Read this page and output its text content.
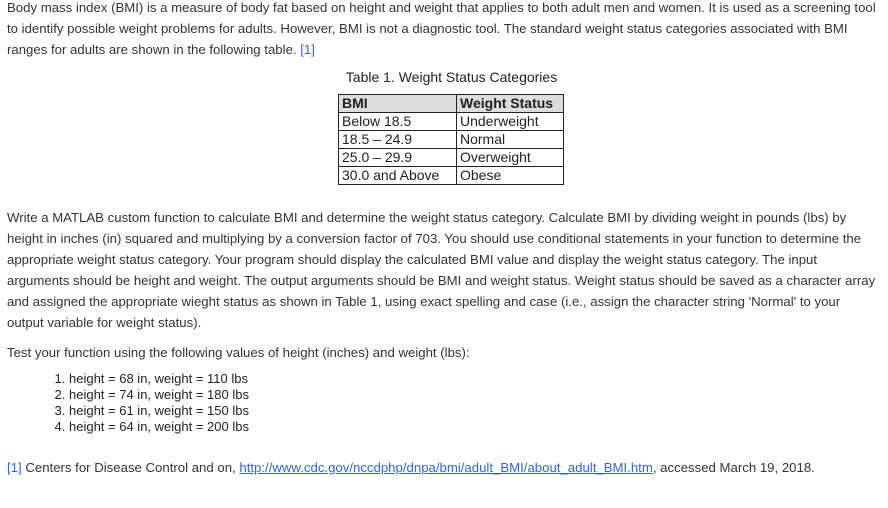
Body mass index (BMI) is a measure of body fat based on height and weight that applies to both adult men and women. It is used as a screening tool to identify possible weight problems for adults. However, BMI is not a diagnostic tool. The standard weight status categories associated with BMI ranges for adults are shown in the following table. [1]

Table 1. Weight Status Categories
BMI	Weight Status
Below 18.5	Underweight
18.5 – 24.9	Normal
25.0 – 29.9	Overweight
30.0 and Above	Obese

Write a MATLAB custom function to calculate BMI and determine the weight status category. Calculate BMI by dividing weight in pounds (lbs) by height in inches (in) squared and multiplying by a conversion factor of 703. You should use conditional statements in your function to determine the appropriate weight status category. Your program should display the calculated BMI value and display the weight status category. The input arguments should be height and weight. The output arguments should be BMI and weight status. Weight status should be saved as a character array and assigned the appropriate wieght status as shown in Table 1, using exact spelling and case (i.e., assign the character string 'Normal' to your output variable for weight status).

Test your function using the following values of height (inches) and weight (lbs):

1. height = 68 in, weight = 110 lbs
2. height = 74 in, weight = 180 lbs
3. height = 61 in, weight = 150 lbs
4. height = 64 in, weight = 200 lbs

[1] Centers for Disease Control and on, http://www.cdc.gov/nccdphp/dnpa/bmi/adult_BMI/about_adult_BMI.htm, accessed March 19, 2018.
